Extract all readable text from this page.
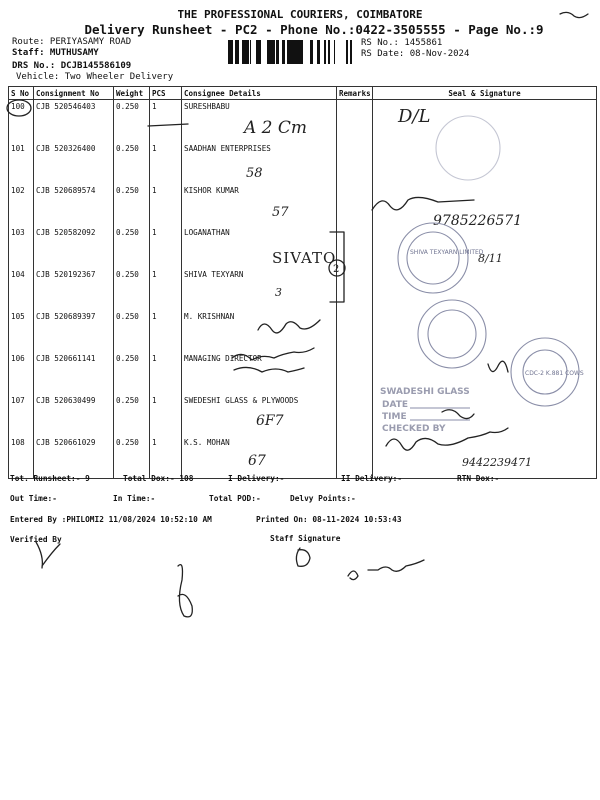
THE PROFESSIONAL COURIERS, COIMBATORE
Delivery Runsheet - PC2 - Phone No.:0422-3505555 - Page No.:9
Route: PERIYASAMY ROAD
Staff: MUTHUSAMY
DRS No.: DCJB145586109
Vehicle: Two Wheeler Delivery
RS No.: 1455861
RS Date: 08-Nov-2024
S No	Consignment No	Weight	PCS	Consignee Details	Remarks	Seal & Signature
100	CJB 520546403	0.250	1	SURESHBABU		
101	CJB 520326400	0.250	1	SAADHAN ENTERPRISES		
102	CJB 520689574	0.250	1	KISHOR KUMAR		
103	CJB 520582092	0.250	1	LOGANATHAN		
104	CJB 520192367	0.250	1	SHIVA TEXYARN		
105	CJB 520689397	0.250	1	M. KRISHNAN		
106	CJB 520661141	0.250	1	MANAGING DIRECTOR		
107	CJB 520630499	0.250	1	SWEDESHI GLASS & PLYWOODS		
108	CJB 520661029	0.250	1	K.S. MOHAN		
Tot. Runsheet:- 9	Total Dox:- 108	I Delivery:-	II Delivery:-	RTN Dox:-
Out Time:-	In Time:-	Total POD:-	Delvy Points:-
Entered By :PHILOMI2 11/08/2024 10:52:10 AM	Printed On: 08-11-2024 10:53:43
Verified By	Staff Signature
A 2 Cm
D/L
58
57
9785226571
SIVATO
2
SHIVA TEXYARN LIMITED
8/11
3
CDC-2 K.881 COWS
SWADESHI GLASS
DATE
TIME
CHECKED BY
6F7
67	9442239471
